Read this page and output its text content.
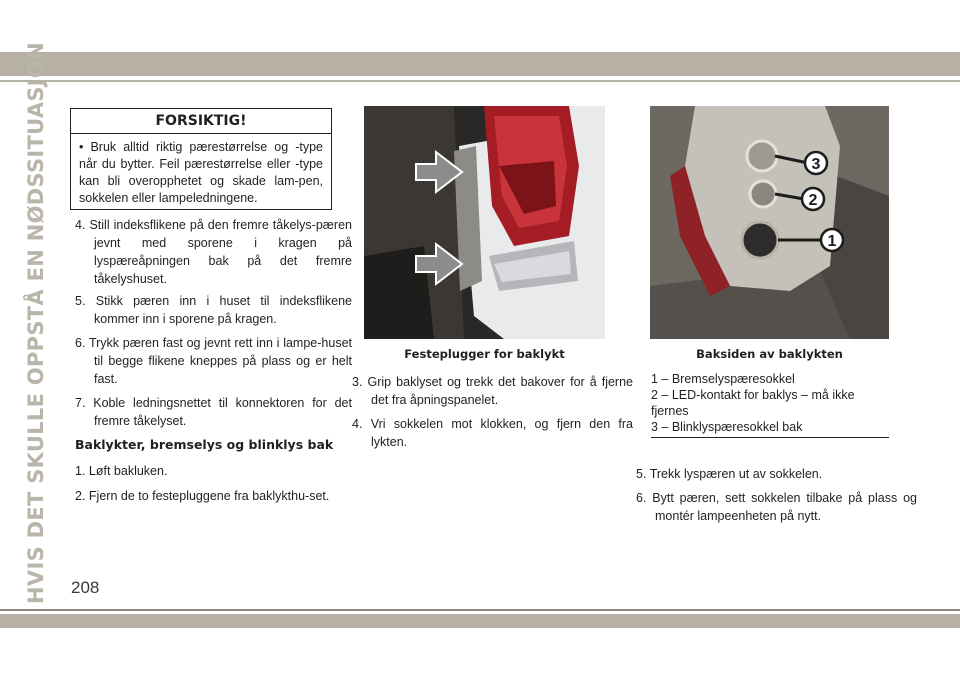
HVIS DET SKULLE OPPSTÅ EN NØDSSITUASJON	FORSIKTIG!
• Bruk alltid riktig pærestørrelse og -type når du bytter. Feil pærestørrelse eller -type kan bli overopphetet og skade lam-pen, sokkelen eller lampeledningene.
4. Still indeksflikene på den fremre tåkelys-pæren jevnt med sporene i kragen på lyspæreåpningen bak på det fremre tåkelyshuset.
5. Stikk pæren inn i huset til indeksflikene kommer inn i sporene på kragen.
6. Trykk pæren fast og jevnt rett inn i lampe-huset til begge flikene kneppes på plass og er helt fast.
7. Koble ledningsnettet til konnektoren for det fremre tåkelyset.
Baklykter, bremselys og blinklys bak
1. Løft bakluken.
2. Fjern de to festepluggene fra baklykthu-set.
Festeplugger for baklykt
3. Grip baklyset og trekk det bakover for å fjerne det fra åpningspanelet.
4. Vri sokkelen mot klokken, og fjern den fra lykten.
3
2
1
Baksiden av baklykten
1 – Bremselyspæresokkel
2 – LED-kontakt for baklys – må ikke fjernes
3 – Blinklyspæresokkel bak
5. Trekk lyspæren ut av sokkelen.
6. Bytt pæren, sett sokkelen tilbake på plass og montér lampeenheten på nytt.
208
